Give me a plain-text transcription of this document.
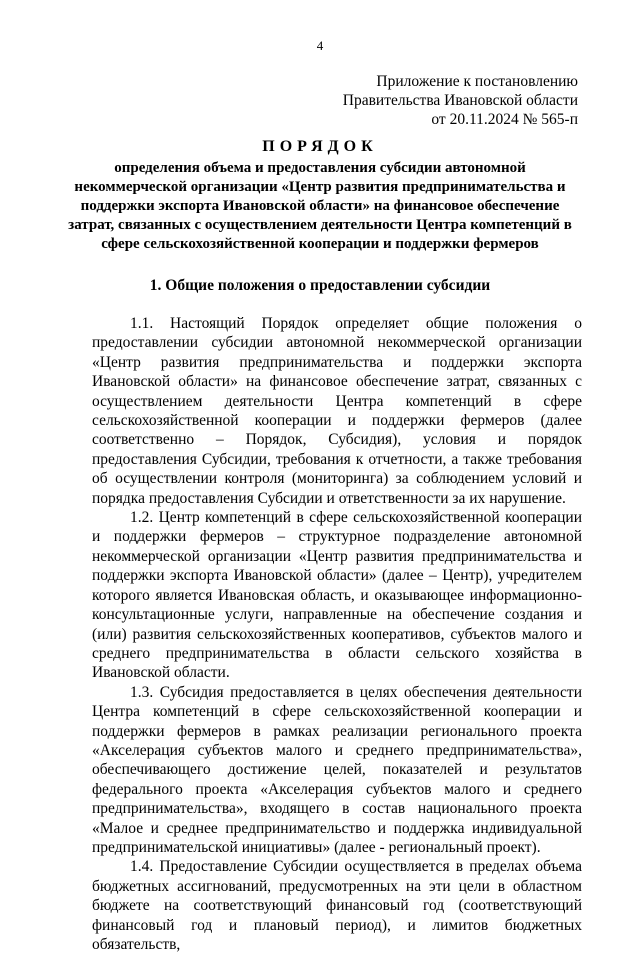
4
Приложение к постановлению
Правительства Ивановской области
от 20.11.2024 № 565-п
ПОРЯДОК
определения объема и предоставления субсидии автономной некоммерческой организации «Центр развития предпринимательства и поддержки экспорта Ивановской области» на финансовое обеспечение затрат, связанных с осуществлением деятельности Центра компетенций в сфере сельскохозяйственной кооперации и поддержки фермеров
1. Общие положения о предоставлении субсидии

1.1. Настоящий Порядок определяет общие положения о предоставлении субсидии автономной некоммерческой организации «Центр развития предпринимательства и поддержки экспорта Ивановской области» на финансовое обеспечение затрат, связанных с осуществлением деятельности Центра компетенций в сфере сельскохозяйственной кооперации и поддержки фермеров (далее соответственно – Порядок, Субсидия), условия и порядок предоставления Субсидии, требования к отчетности, а также требования об осуществлении контроля (мониторинга) за соблюдением условий и порядка предоставления Субсидии и ответственности за их нарушение.

1.2. Центр компетенций в сфере сельскохозяйственной кооперации и поддержки фермеров – структурное подразделение автономной некоммерческой организации «Центр развития предпринимательства и поддержки экспорта Ивановской области» (далее – Центр), учредителем которого является Ивановская область, и оказывающее информационно-консультационные услуги, направленные на обеспечение создания и (или) развития сельскохозяйственных кооперативов, субъектов малого и среднего предпринимательства в области сельского хозяйства в Ивановской области.

1.3. Субсидия предоставляется в целях обеспечения деятельности Центра компетенций в сфере сельскохозяйственной кооперации и поддержки фермеров в рамках реализации регионального проекта «Акселерация субъектов малого и среднего предпринимательства», обеспечивающего достижение целей, показателей и результатов федерального проекта «Акселерация субъектов малого и среднего предпринимательства», входящего в состав национального проекта «Малое и среднее предпринимательство и поддержка индивидуальной предпринимательской инициативы» (далее - региональный проект).

1.4. Предоставление Субсидии осуществляется в пределах объема бюджетных ассигнований, предусмотренных на эти цели в областном бюджете на соответствующий финансовый год (соответствующий финансовый год и плановый период), и лимитов бюджетных обязательств,
